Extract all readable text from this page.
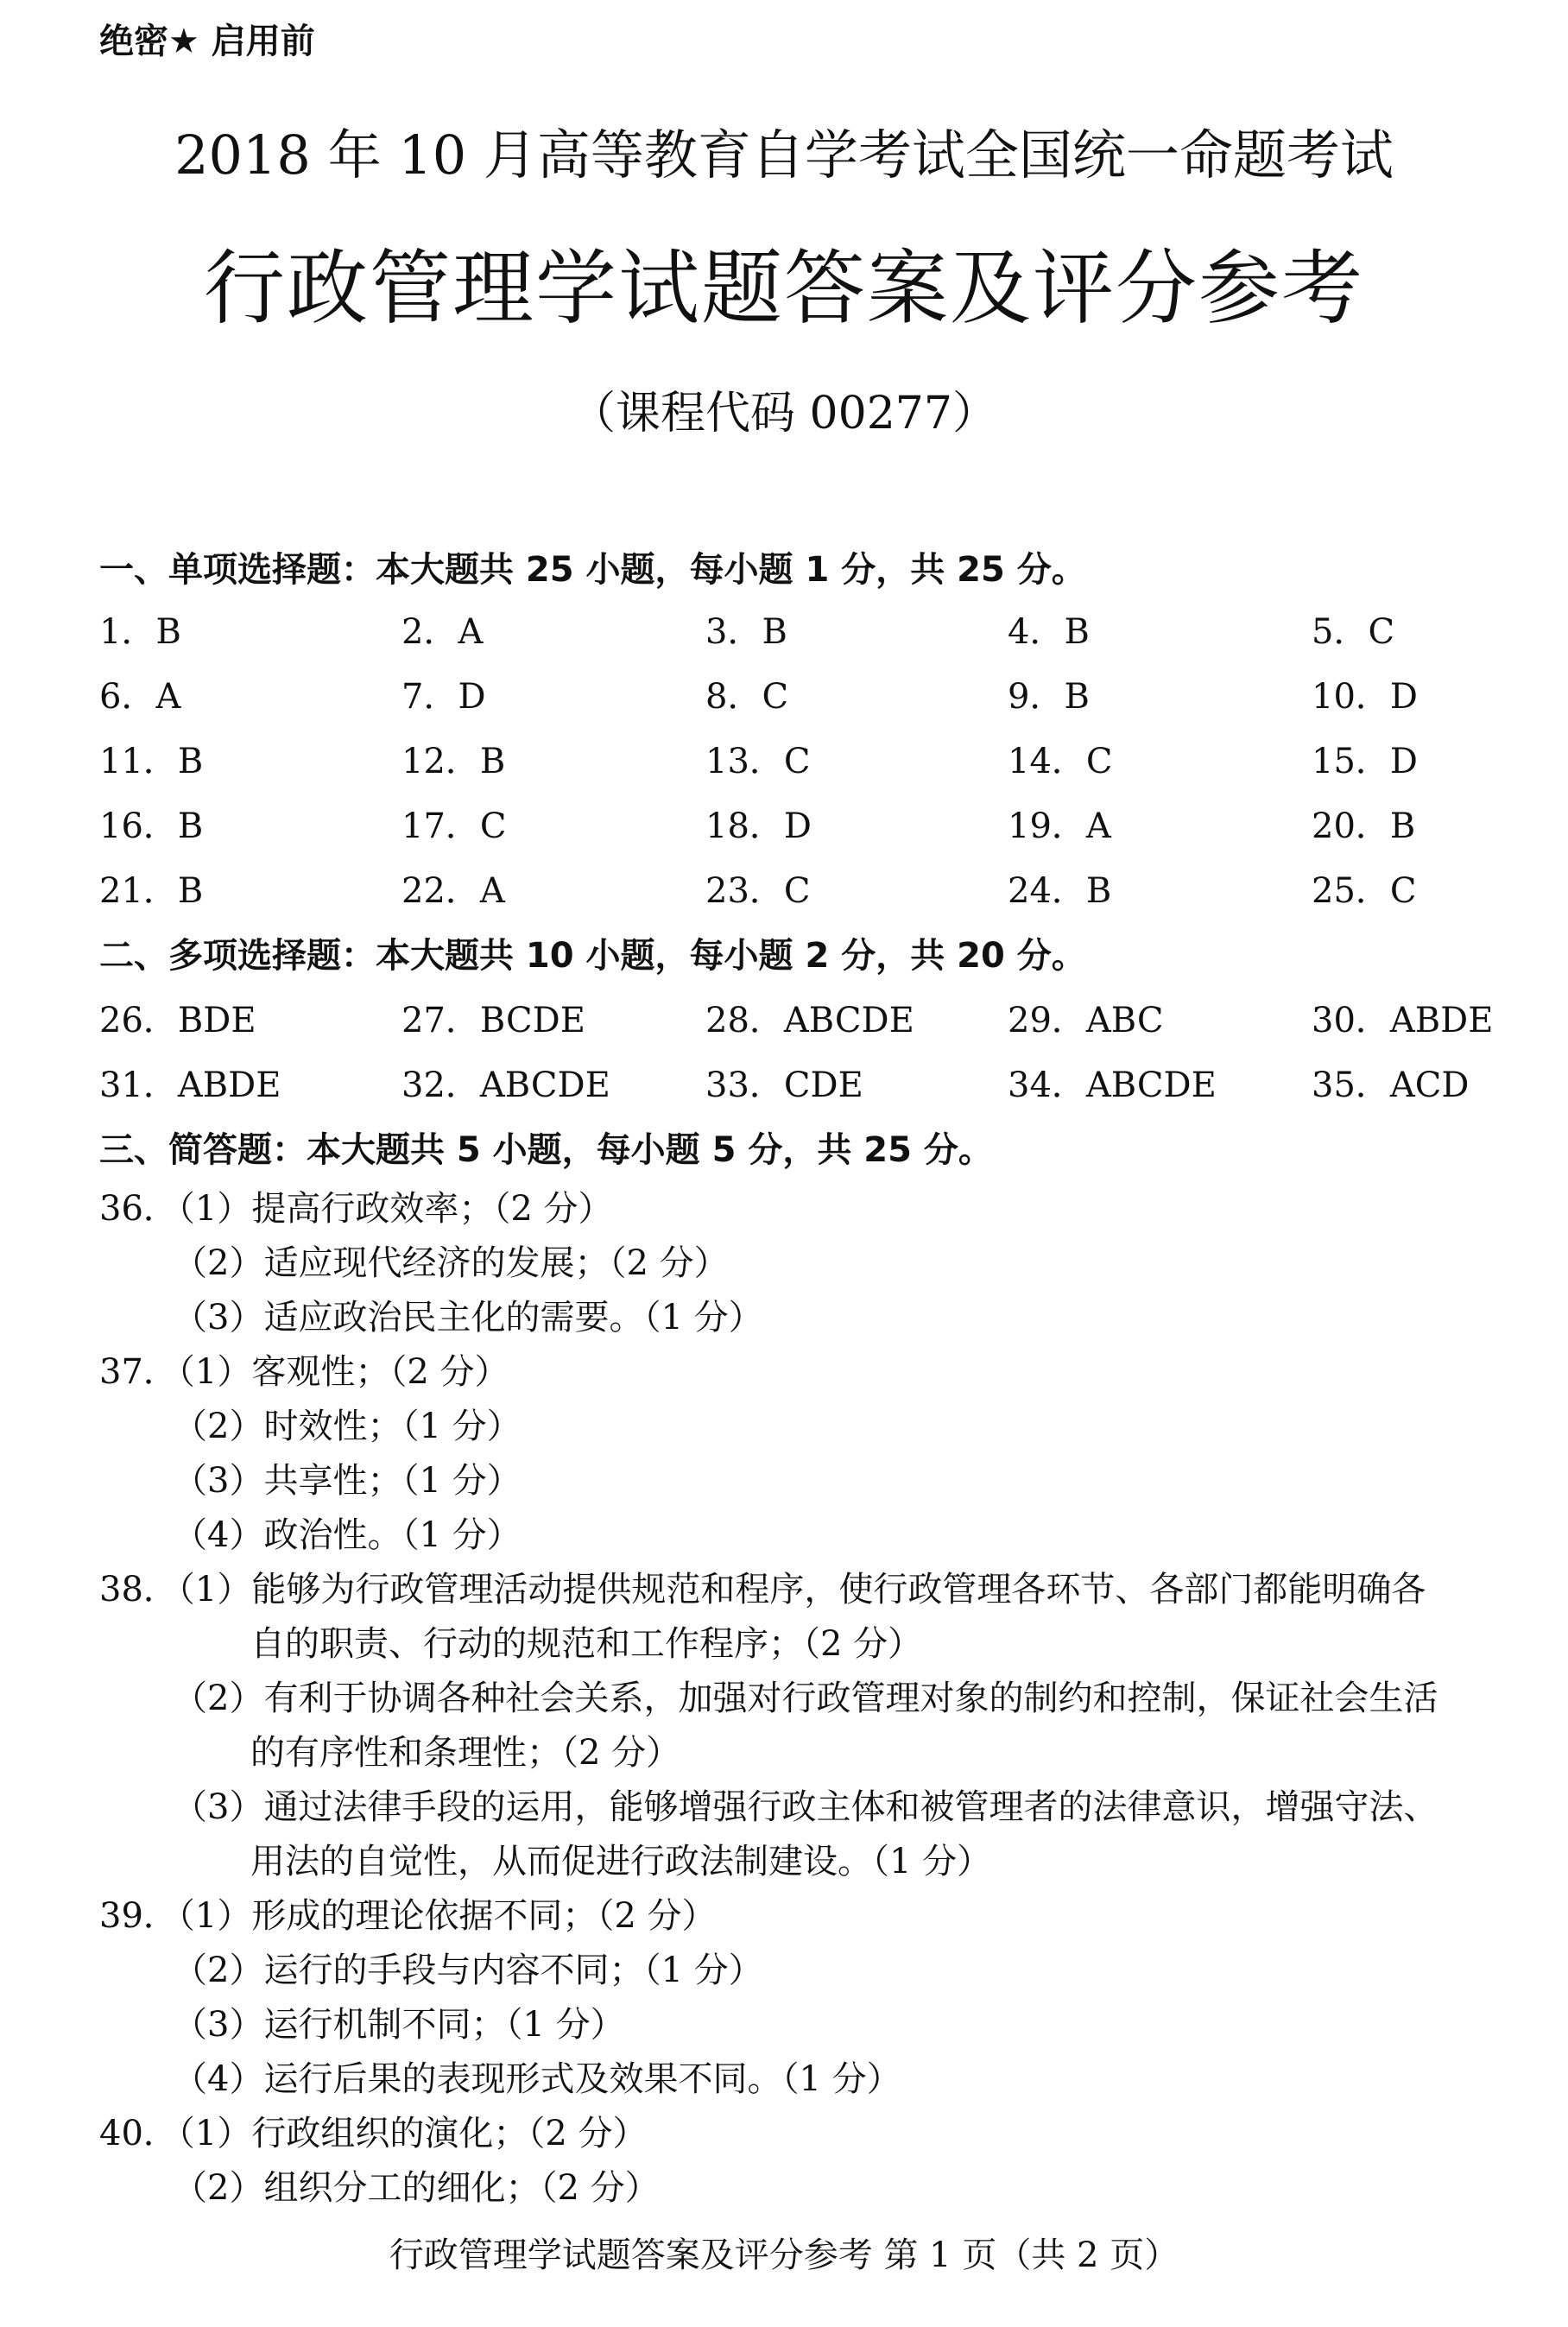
绝密★ 启用前
2018 年 10 月高等教育自学考试全国统一命题考试
行政管理学试题答案及评分参考
（课程代码 00277）
一、单项选择题：本大题共 25 小题，每小题 1 分，共 25 分。
1．B	2．A	3．B	4．B	5．C
6．A	7．D	8．C	9．B	10．D
11．B	12．B	13．C	14．C	15．D
16．B	17．C	18．D	19．A	20．B
21．B	22．A	23．C	24．B	25．C
二、多项选择题：本大题共 10 小题，每小题 2 分，共 20 分。
26．BDE	27．BCDE	28．ABCDE	29．ABC	30．ABDE
31．ABDE	32．ABCDE	33．CDE	34．ABCDE	35．ACD
三、简答题：本大题共 5 小题，每小题 5 分，共 25 分。
36．（1）提高行政效率；（2 分）
（2）适应现代经济的发展；（2 分）
（3）适应政治民主化的需要。（1 分）
37．（1）客观性；（2 分）
（2）时效性；（1 分）
（3）共享性；（1 分）
（4）政治性。（1 分）
38．（1）能够为行政管理活动提供规范和程序，使行政管理各环节、各部门都能明确各
自的职责、行动的规范和工作程序；（2 分）
（2）有利于协调各种社会关系，加强对行政管理对象的制约和控制，保证社会生活
的有序性和条理性；（2 分）
（3）通过法律手段的运用，能够增强行政主体和被管理者的法律意识，增强守法、
用法的自觉性，从而促进行政法制建设。（1 分）
39．（1）形成的理论依据不同；（2 分）
（2）运行的手段与内容不同；（1 分）
（3）运行机制不同；（1 分）
（4）运行后果的表现形式及效果不同。（1 分）
40．（1）行政组织的演化；（2 分）
（2）组织分工的细化；（2 分）
行政管理学试题答案及评分参考 第 1 页（共 2 页）
